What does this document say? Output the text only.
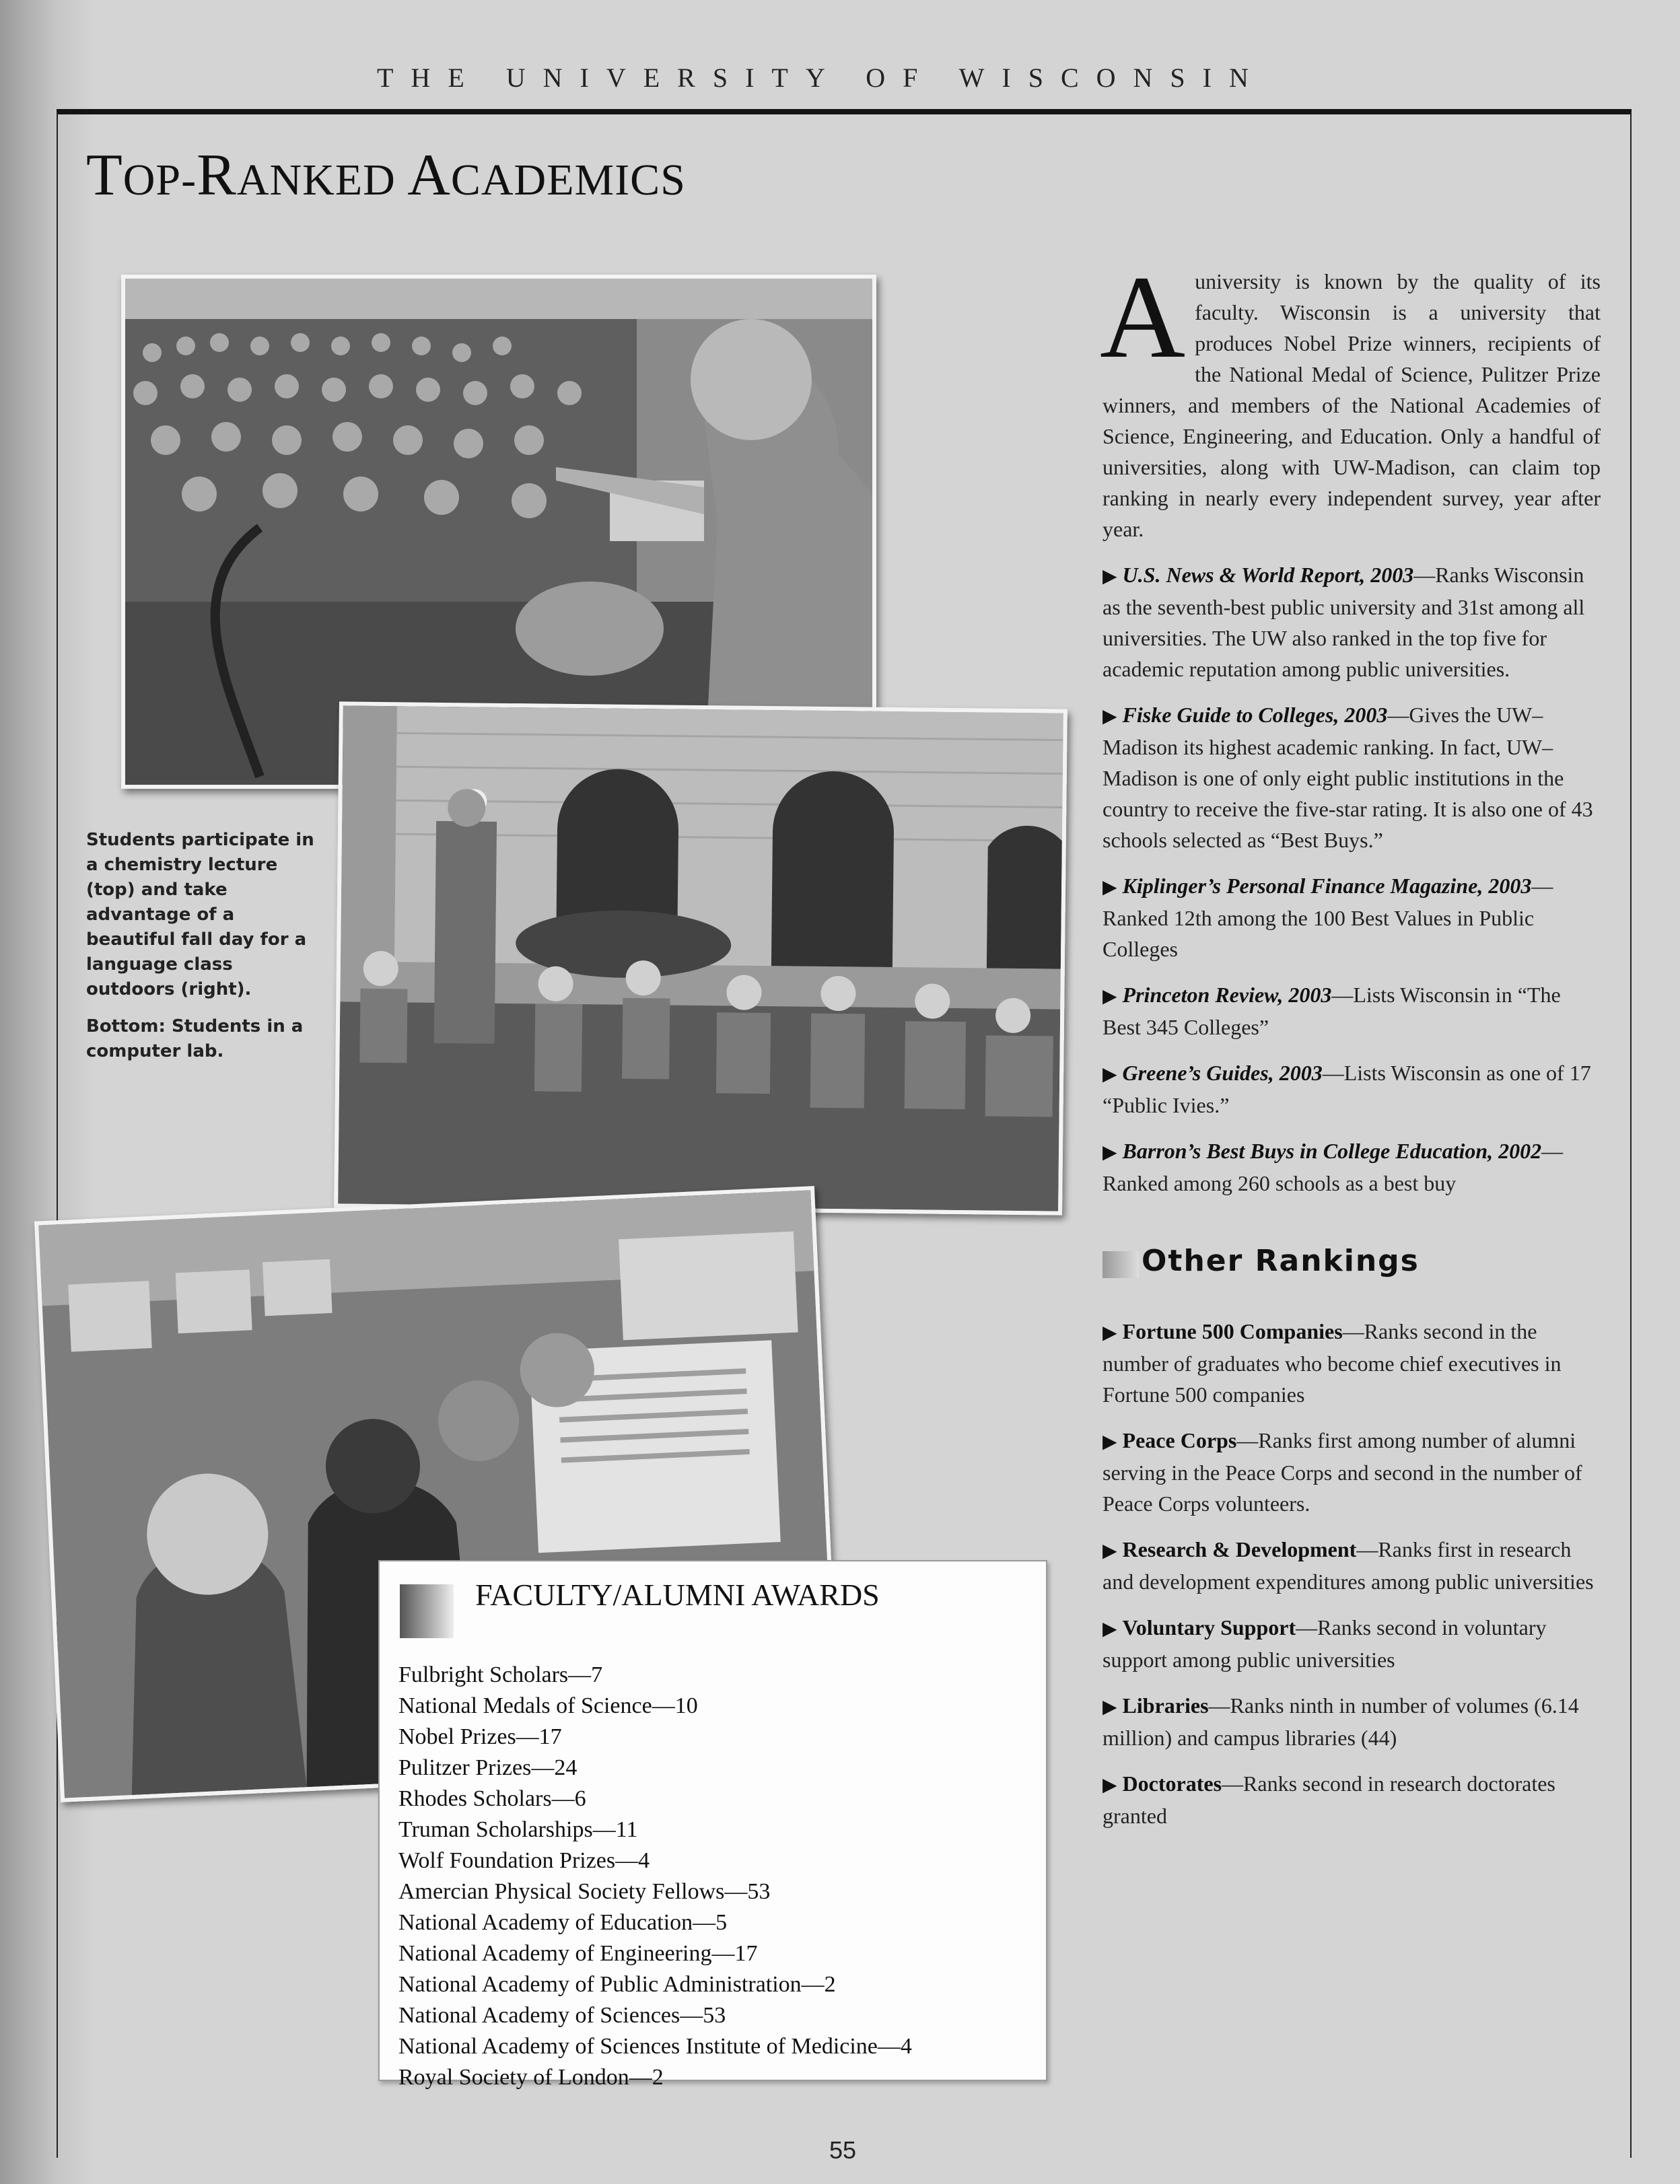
THE UNIVERSITY OF WISCONSIN
TOP-RANKED ACADEMICS

Students participate in a chemistry lecture (top) and take advantage of a beautiful fall day for a language class outdoors (right).

Bottom: Students in a computer lab.

FACULTY/ALUMNI AWARDS
Fulbright Scholars—7
National Medals of Science—10
Nobel Prizes—17
Pulitzer Prizes—24
Rhodes Scholars—6
Truman Scholarships—11
Wolf Foundation Prizes—4
Amercian Physical Society Fellows—53
National Academy of Education—5
National Academy of Engineering—17
National Academy of Public Administration—2
National Academy of Sciences—53
National Academy of Sciences Institute of Medicine—4
Royal Society of London—2

Auniversity is known by the quality of its faculty. Wisconsin is a university that produces Nobel Prize winners, recipients of the National Medal of Science, Pulitzer Prize winners, and members of the National Academies of Science, Engineering, and Education. Only a handful of universities, along with UW-Madison, can claim top ranking in nearly every independent survey, year after year.

▶ U.S. News & World Report, 2003—Ranks Wisconsin as the seventh-best public university and 31st among all universities. The UW also ranked in the top five for academic reputation among public universities.

▶ Fiske Guide to Colleges, 2003—Gives the UW–Madison its highest academic ranking. In fact, UW–Madison is one of only eight public institutions in the country to receive the five-star rating. It is also one of 43 schools selected as “Best Buys.”

▶ Kiplinger’s Personal Finance Magazine, 2003—Ranked 12th among the 100 Best Values in Public Colleges

▶ Princeton Review, 2003—Lists Wisconsin in “The Best 345 Colleges”

▶ Greene’s Guides, 2003—Lists Wisconsin as one of 17 “Public Ivies.”

▶ Barron’s Best Buys in College Education, 2002—Ranked among 260 schools as a best buy

Other Rankings

▶ Fortune 500 Companies—Ranks second in the number of graduates who become chief executives in Fortune 500 companies

▶ Peace Corps—Ranks first among number of alumni serving in the Peace Corps and second in the number of Peace Corps volunteers.

▶ Research & Development—Ranks first in research and development expenditures among public universities

▶ Voluntary Support—Ranks second in voluntary support among public universities

▶ Libraries—Ranks ninth in number of volumes (6.14 million) and campus libraries (44)

▶ Doctorates—Ranks second in research doctorates granted

55
